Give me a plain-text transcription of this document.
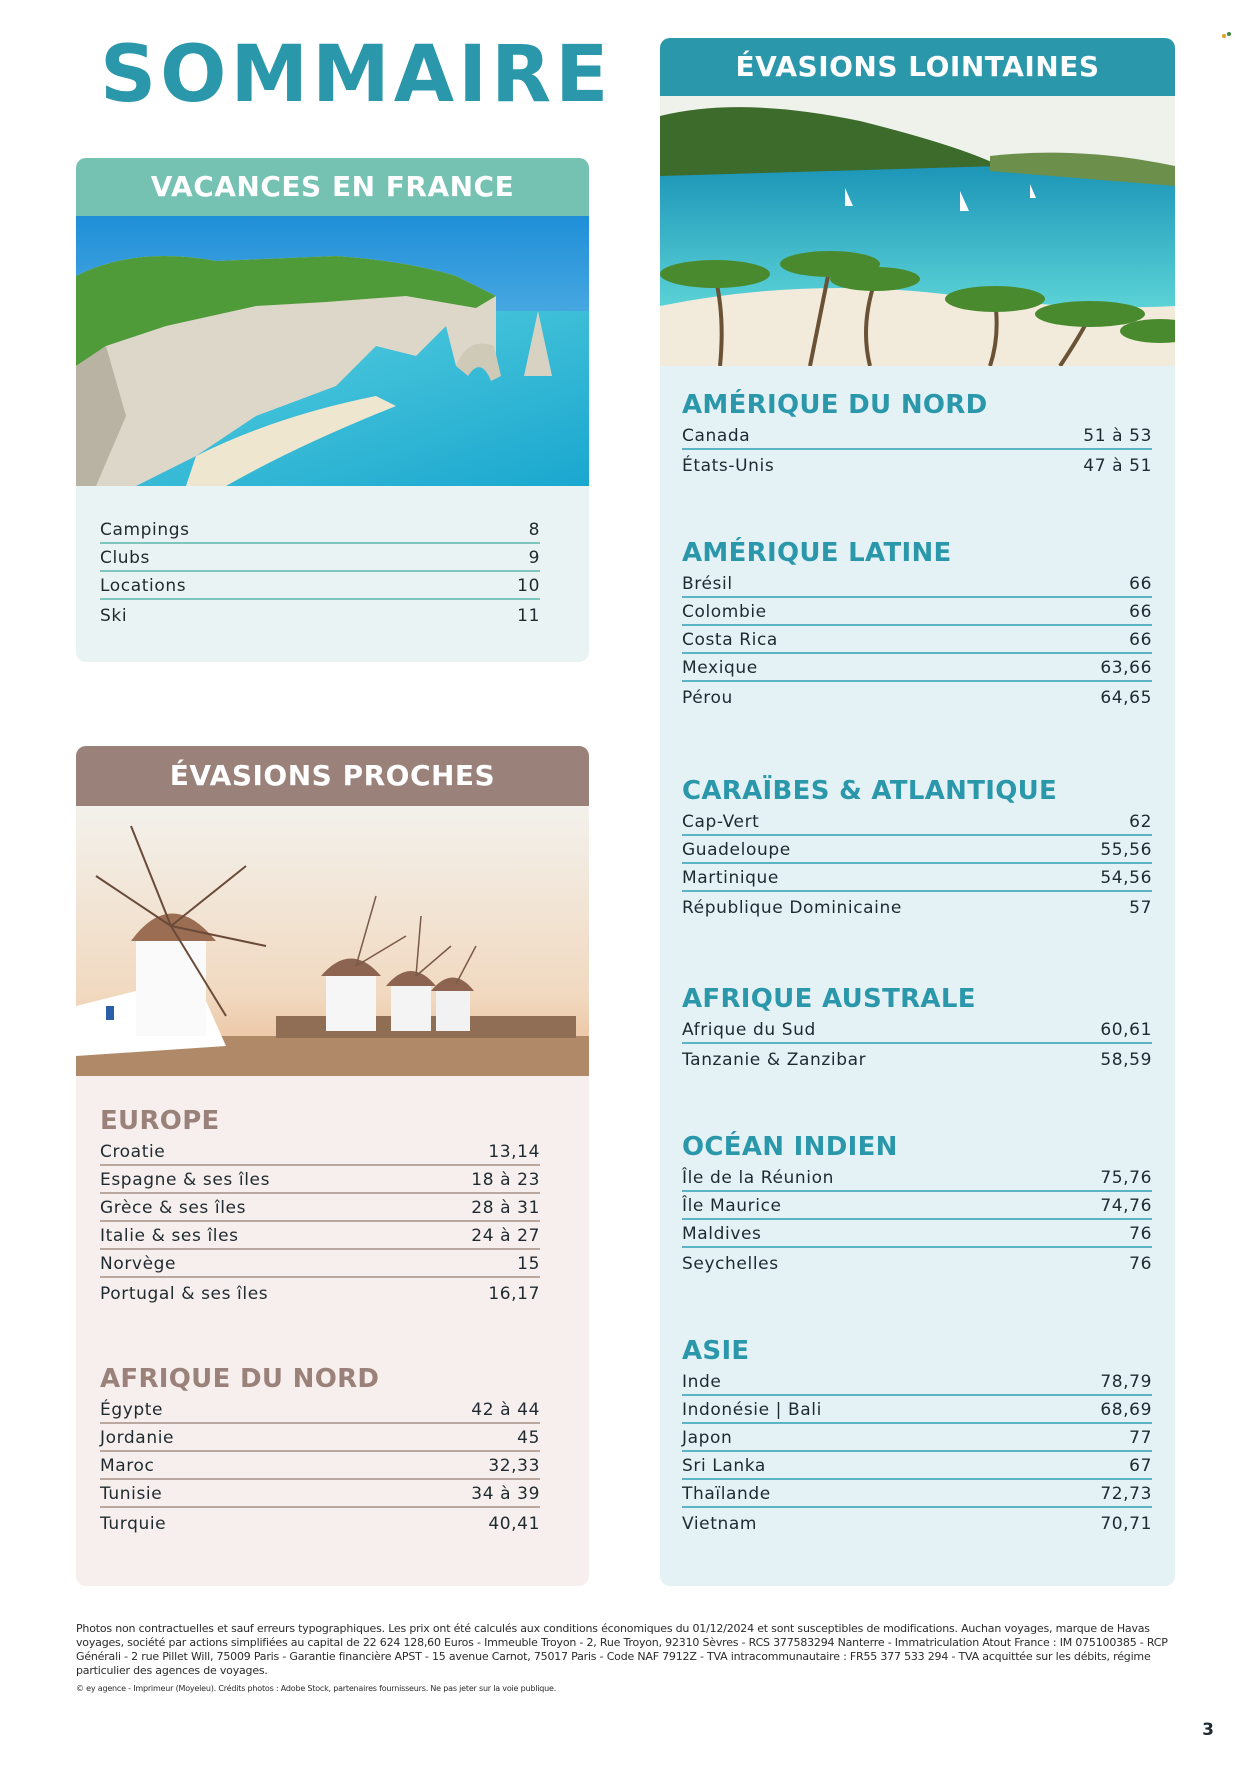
SOMMAIRE
VACANCES EN FRANCE
Campings	8
Clubs	9
Locations	10
Ski	11
ÉVASIONS PROCHES
EUROPE
Croatie	13,14
Espagne & ses îles	18 à 23
Grèce & ses îles	28 à 31
Italie & ses îles	24 à 27
Norvège	15
Portugal & ses îles	16,17
AFRIQUE DU NORD
Égypte	42 à 44
Jordanie	45
Maroc	32,33
Tunisie	34 à 39
Turquie	40,41
ÉVASIONS LOINTAINES
AMÉRIQUE DU NORD
Canada	51 à 53
États-Unis	47 à 51
AMÉRIQUE LATINE
Brésil	66
Colombie	66
Costa Rica	66
Mexique	63,66
Pérou	64,65
CARAÏBES & ATLANTIQUE
Cap-Vert	62
Guadeloupe	55,56
Martinique	54,56
République Dominicaine	57
AFRIQUE AUSTRALE
Afrique du Sud	60,61
Tanzanie & Zanzibar	58,59
OCÉAN INDIEN
Île de la Réunion	75,76
Île Maurice	74,76
Maldives	76
Seychelles	76
ASIE
Inde	78,79
Indonésie | Bali	68,69
Japon	77
Sri Lanka	67
Thaïlande	72,73
Vietnam	70,71
Photos non contractuelles et sauf erreurs typographiques. Les prix ont été calculés aux conditions économiques du 01/12/2024 et sont susceptibles de modifications. Auchan voyages, marque de Havas voyages, société par actions simplifiées au capital de 22 624 128,60 Euros - Immeuble Troyon - 2, Rue Troyon, 92310 Sèvres - RCS 377583294 Nanterre - Immatriculation Atout France : IM 075100385 - RCP Générali - 2 rue Pillet Will, 75009 Paris - Garantie financière APST - 15 avenue Carnot, 75017 Paris - Code NAF 7912Z - TVA intracommunautaire : FR55 377 533 294 - TVA acquittée sur les débits, régime particulier des agences de voyages.
© ey agence - Imprimeur (Moyeleu). Crédits photos : Adobe Stock, partenaires fournisseurs. Ne pas jeter sur la voie publique.
3
